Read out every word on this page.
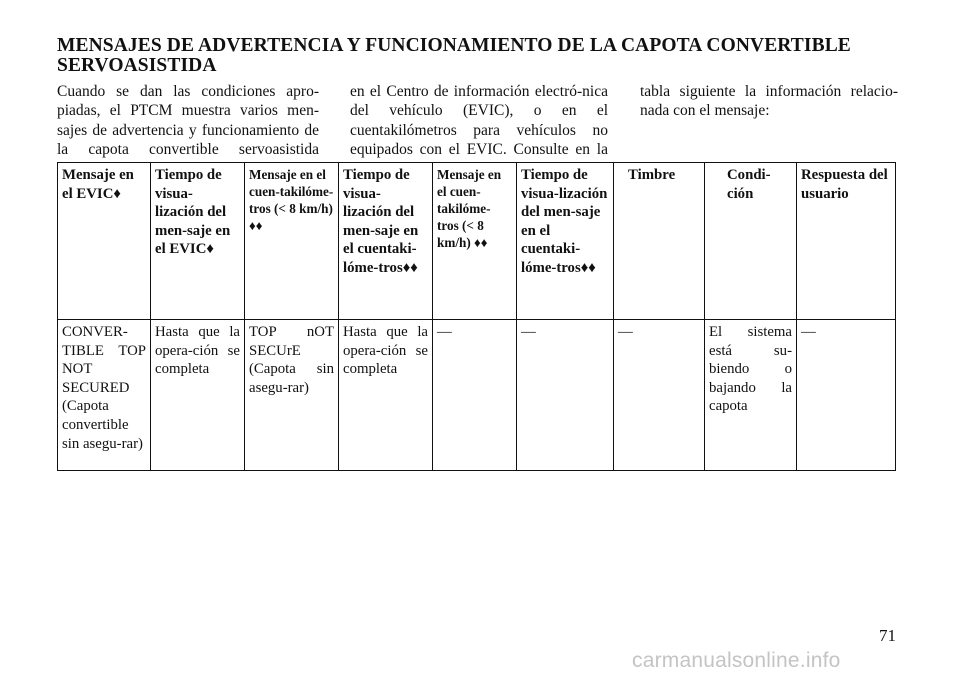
MENSAJES DE ADVERTENCIA Y FUNCIONAMIENTO DE LA CAPOTA CONVERTIBLE SERVOASISTIDA
Cuando se dan las condiciones apro-piadas, el PTCM muestra varios men-sajes de advertencia y funcionamiento de la capota convertible servoasistida
en el Centro de información electró-nica del vehículo (EVIC), o en el cuentakilómetros para vehículos no equipados con el EVIC. Consulte en la
tabla siguiente la información relacio-nada con el mensaje:
Mensaje en el EVIC♦	Tiempo de visua-lización del men-saje en el EVIC♦	Mensaje en el cuen-takilóme-tros (< 8 km/h) ♦♦	Tiempo de visua-lización del men-saje en el cuentaki-lóme-tros♦♦	Mensaje en el cuen-takilóme-tros (< 8 km/h) ♦♦	Tiempo de visua-lización del men-saje en el cuentaki-lóme-tros♦♦	Timbre	Condi-ción	Respuesta del usuario
CONVER-TIBLE TOP NOT SECURED (Capota convertible sin asegu-rar)	Hasta que la opera-ción se completa	TOP nOT SECUrE (Capota sin asegu-rar)	Hasta que la opera-ción se completa	—	—	—	El sistema está su-biendo o bajando la capota	—
71
carmanualsonline.info
